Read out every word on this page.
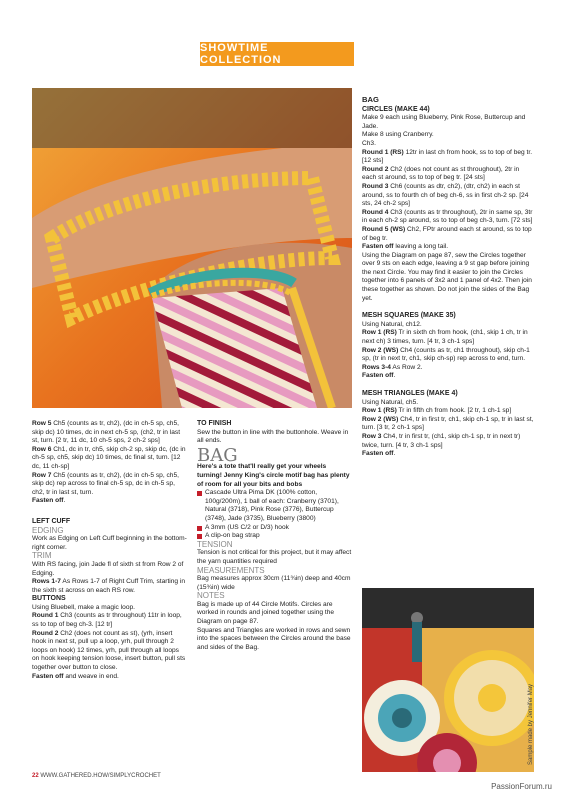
SHOWTIME COLLECTION

Row 5 Ch5 (counts as tr, ch2), (dc in ch-5 sp, ch5, skip dc) 10 times, dc in next ch-5 sp, (ch2, tr in last st, turn. [2 tr, 11 dc, 10 ch-5 sps, 2 ch-2 sps]

Row 6 Ch1, dc in tr, ch5, skip ch-2 sp, skip dc, (dc in ch-5 sp, ch5, skip dc) 10 times, dc final st, turn. [12 dc, 11 ch-sp]

Row 7 Ch5 (counts as tr, ch2), (dc in ch-5 sp, ch5, skip dc) rep across to final ch-5 sp, dc in ch-5 sp, ch2, tr in last st, turn.

Fasten off.

LEFT CUFF

EDGING

Work as Edging on Left Cuff beginning in the bottom-right corner.

TRIM

With RS facing, join Jade fl of sixth st from Row 2 of Edging.

Rows 1-7 As Rows 1-7 of Right Cuff Trim, starting in the sixth st across on each RS row.

BUTTONS

Using Bluebell, make a magic loop.

Round 1 Ch3 (counts as tr throughout) 11tr in loop, ss to top of beg ch-3. [12 tr]

Round 2 Ch2 (does not count as st), (yrh, insert hook in next st, pull up a loop, yrh, pull through 2 loops on hook) 12 times, yrh, pull through all loops on hook keeping tension loose, insert button, pull sts together over button to close.

Fasten off and weave in end.

TO FINISH

Sew the button in line with the buttonhole. Weave in all ends.

BAG

Here's a tote that'll really get your wheels turning! Jenny King's circle motif bag has plenty of room for all your bits and bobs

Cascade Ultra Pima DK (100% cotton, 100g/200m), 1 ball of each: Cranberry (3701), Natural (3718), Pink Rose (3776), Buttercup (3748), Jade (3735), Blueberry (3800)
A 3mm (US C/2 or D/3) hook
A clip-on bag strap

TENSION

Tension is not critical for this project, but it may affect the yarn quantities required

MEASUREMENTS

Bag measures approx 30cm (11¾in) deep and 40cm (15¾in) wide

NOTES

Bag is made up of 44 Circle Motifs. Circles are worked in rounds and joined together using the Diagram on page 87.

Squares and Triangles are worked in rows and sewn into the spaces between the Circles around the base and sides of the Bag.

BAG

CIRCLES (MAKE 44)

Make 9 each using Blueberry, Pink Rose, Buttercup and Jade.

Make 8 using Cranberry.

Ch3.

Round 1 (RS) 12tr in last ch from hook, ss to top of beg tr. [12 sts]

Round 2 Ch2 (does not count as st throughout), 2tr in each st around, ss to top of beg tr. [24 sts]

Round 3 Ch6 (counts as dtr, ch2), (dtr, ch2) in each st around, ss to fourth ch of beg ch-6, ss in first ch-2 sp. [24 sts, 24 ch-2 sps]

Round 4 Ch3 (counts as tr throughout), 2tr in same sp, 3tr in each ch-2 sp around, ss to top of beg ch-3, turn. [72 sts]

Round 5 (WS) Ch2, FPtr around each st around, ss to top of beg tr.

Fasten off leaving a long tail.

Using the Diagram on page 87, sew the Circles together over 9 sts on each edge, leaving a 9 st gap before joining the next Circle. You may find it easier to join the Circles together into 6 panels of 3x2 and 1 panel of 4x2. Then join these together as shown. Do not join the sides of the Bag yet.

MESH SQUARES (MAKE 35)

Using Natural, ch12.

Row 1 (RS) Tr in sixth ch from hook, (ch1, skip 1 ch, tr in next ch) 3 times, turn. [4 tr, 3 ch-1 sps]

Row 2 (WS) Ch4 (counts as tr, ch1 throughout), skip ch-1 sp, (tr in next tr, ch1, skip ch-sp) rep across to end, turn.

Rows 3-4 As Row 2.

Fasten off.

MESH TRIANGLES (MAKE 4)

Using Natural, ch5.

Row 1 (RS) Tr in fifth ch from hook. [2 tr, 1 ch-1 sp]

Row 2 (WS) Ch4, tr in first tr, ch1, skip ch-1 sp, tr in last st, turn. [3 tr, 2 ch-1 sps]

Row 3 Ch4, tr in first tr, (ch1, skip ch-1 sp, tr in next tr) twice, turn. [4 tr, 3 ch-1 sps]

Fasten off.

Sample made by Jennifer May
22 WWW.GATHERED.HOW/SIMPLYCROCHET
PassionForum.ru
